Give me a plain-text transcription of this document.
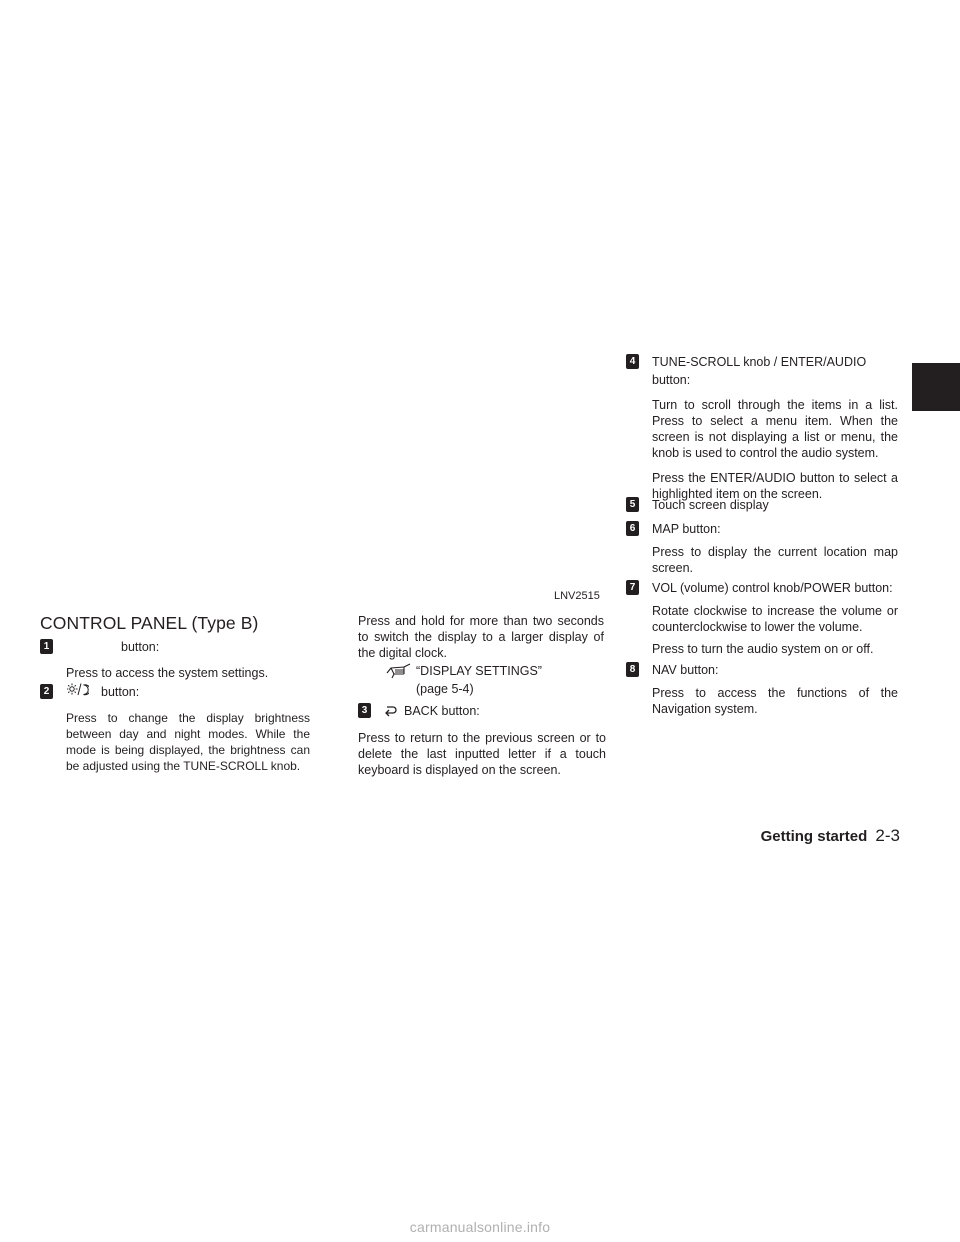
LNV2515
CONTROL PANEL (Type B)
1	button:

Press to access the system settings.

2	button:

Press to change the display brightness between day and night modes. While the mode is being displayed, the brightness can be adjusted using the TUNE-SCROLL knob.

Press and hold for more than two seconds to switch the display to a larger display of the digital clock.

“DISPLAY SETTINGS”
(page 5-4)
3	BACK button:

Press to return to the previous screen or to delete the last inputted letter if a touch keyboard is displayed on the screen.

4 TUNE-SCROLL knob / ENTER/AUDIO button:

Turn to scroll through the items in a list. Press to select a menu item. When the screen is not displaying a list or menu, the knob is used to control the audio system.

Press the ENTER/AUDIO button to select a highlighted item on the screen.

5 Touch screen display
6 MAP button:

Press to display the current location map screen.

7 VOL (volume) control knob/POWER button:

Rotate clockwise to increase the volume or counterclockwise to lower the volume.

Press to turn the audio system on or off.

8 NAV button:

Press to access the functions of the Navigation system.

Getting started 2-3
carmanualsonline.info
